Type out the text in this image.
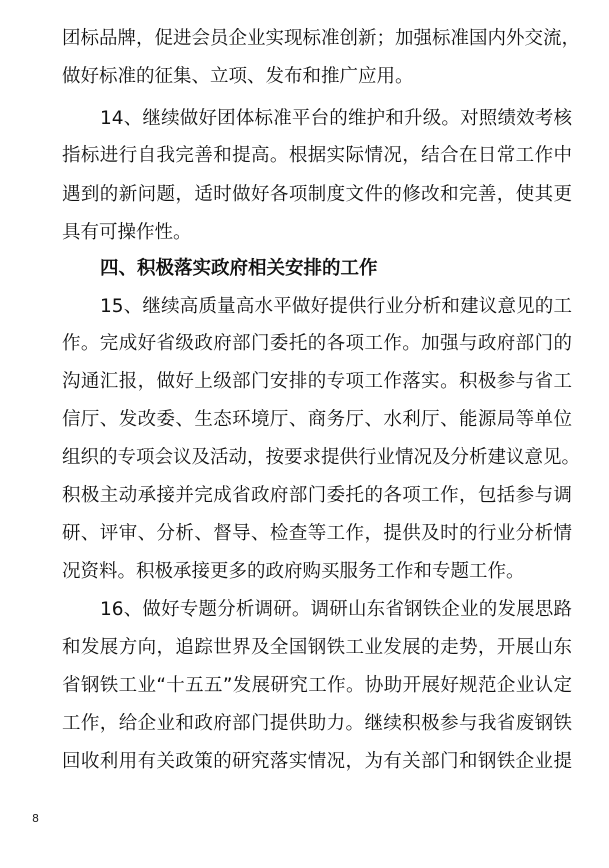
团标品牌，促进会员企业实现标准创新；加强标准国内外交流，
做好标准的征集、立项、发布和推广应用。
14、继续做好团体标准平台的维护和升级。对照绩效考核
指标进行自我完善和提高。根据实际情况，结合在日常工作中
遇到的新问题，适时做好各项制度文件的修改和完善，使其更
具有可操作性。
四、积极落实政府相关安排的工作
15、继续高质量高水平做好提供行业分析和建议意见的工
作。完成好省级政府部门委托的各项工作。加强与政府部门的
沟通汇报，做好上级部门安排的专项工作落实。积极参与省工
信厅、发改委、生态环境厅、商务厅、水利厅、能源局等单位
组织的专项会议及活动，按要求提供行业情况及分析建议意见。
积极主动承接并完成省政府部门委托的各项工作，包括参与调
研、评审、分析、督导、检查等工作，提供及时的行业分析情
况资料。积极承接更多的政府购买服务工作和专题工作。
16、做好专题分析调研。调研山东省钢铁企业的发展思路
和发展方向，追踪世界及全国钢铁工业发展的走势，开展山东
省钢铁工业“十五五”发展研究工作。协助开展好规范企业认定
工作，给企业和政府部门提供助力。继续积极参与我省废钢铁
回收利用有关政策的研究落实情况，为有关部门和钢铁企业提
8
